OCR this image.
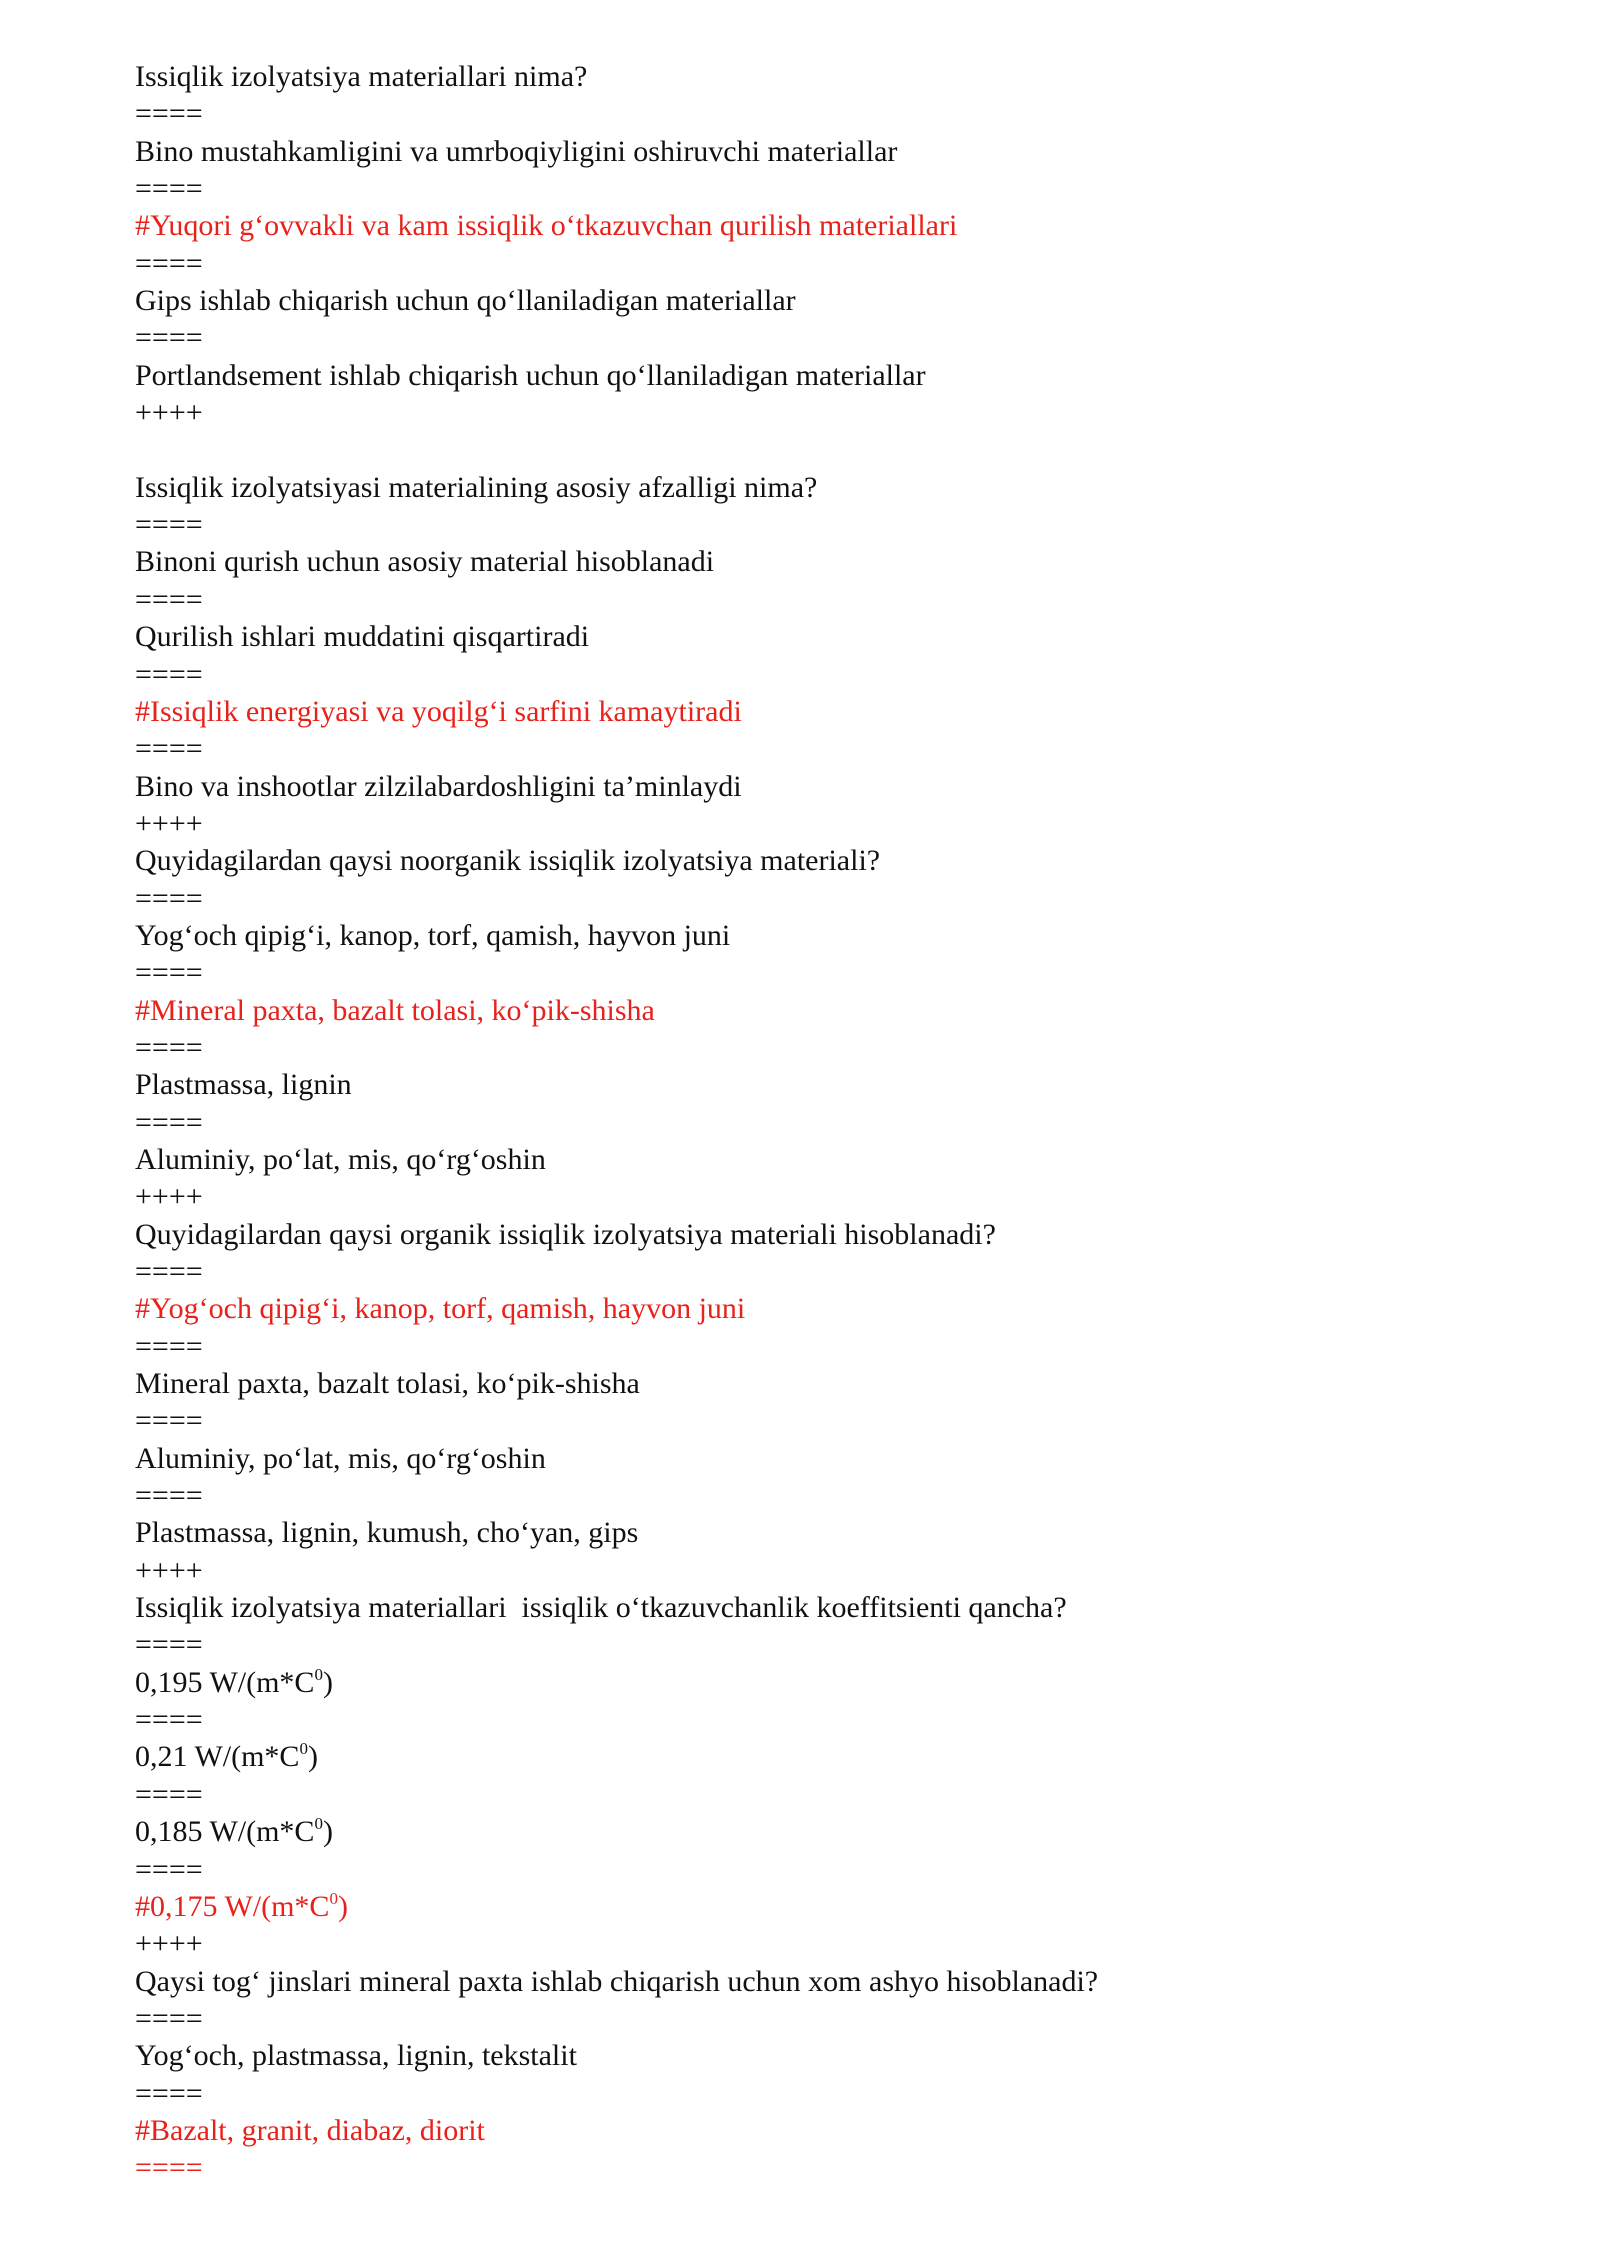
Issiqlik izolyatsiya materiallari nima?
====
Bino mustahkamligini va umrboqiyligini oshiruvchi materiallar
====
#Yuqori g‘ovvakli va kam issiqlik o‘tkazuvchan qurilish materiallari
====
Gips ishlab chiqarish uchun qo‘llaniladigan materiallar
====
Portlandsement ishlab chiqarish uchun qo‘llaniladigan materiallar
++++
Issiqlik izolyatsiyasi materialining asosiy afzalligi nima?
====
Binoni qurish uchun asosiy material hisoblanadi
====
Qurilish ishlari muddatini qisqartiradi
====
#Issiqlik energiyasi va yoqilg‘i sarfini kamaytiradi
====
Bino va inshootlar zilzilabardoshligini ta’minlaydi
++++
Quyidagilardan qaysi noorganik issiqlik izolyatsiya materiali?
====
Yog‘och qipig‘i, kanop, torf, qamish, hayvon juni
====
#Mineral paxta, bazalt tolasi, ko‘pik-shisha
====
Plastmassa, lignin
====
Aluminiy, po‘lat, mis, qo‘rg‘oshin
++++
Quyidagilardan qaysi organik issiqlik izolyatsiya materiali hisoblanadi?
====
#Yog‘och qipig‘i, kanop, torf, qamish, hayvon juni
====
Mineral paxta, bazalt tolasi, ko‘pik-shisha
====
Aluminiy, po‘lat, mis, qo‘rg‘oshin
====
Plastmassa, lignin, kumush, cho‘yan, gips
++++
Issiqlik izolyatsiya materiallari  issiqlik o‘tkazuvchanlik koeffitsienti qancha?
====
0,195 $W/(m*C^0)$
====
0,21 $W/(m*C^0)$
====
0,185 $W/(m*C^0)$
====
#0,175 $W/(m*C^0)$
++++
Qaysi tog‘ jinslari mineral paxta ishlab chiqarish uchun xom ashyo hisoblanadi?
====
Yog‘och, plastmassa, lignin, tekstalit
====
#Bazalt, granit, diabaz, diorit
====
